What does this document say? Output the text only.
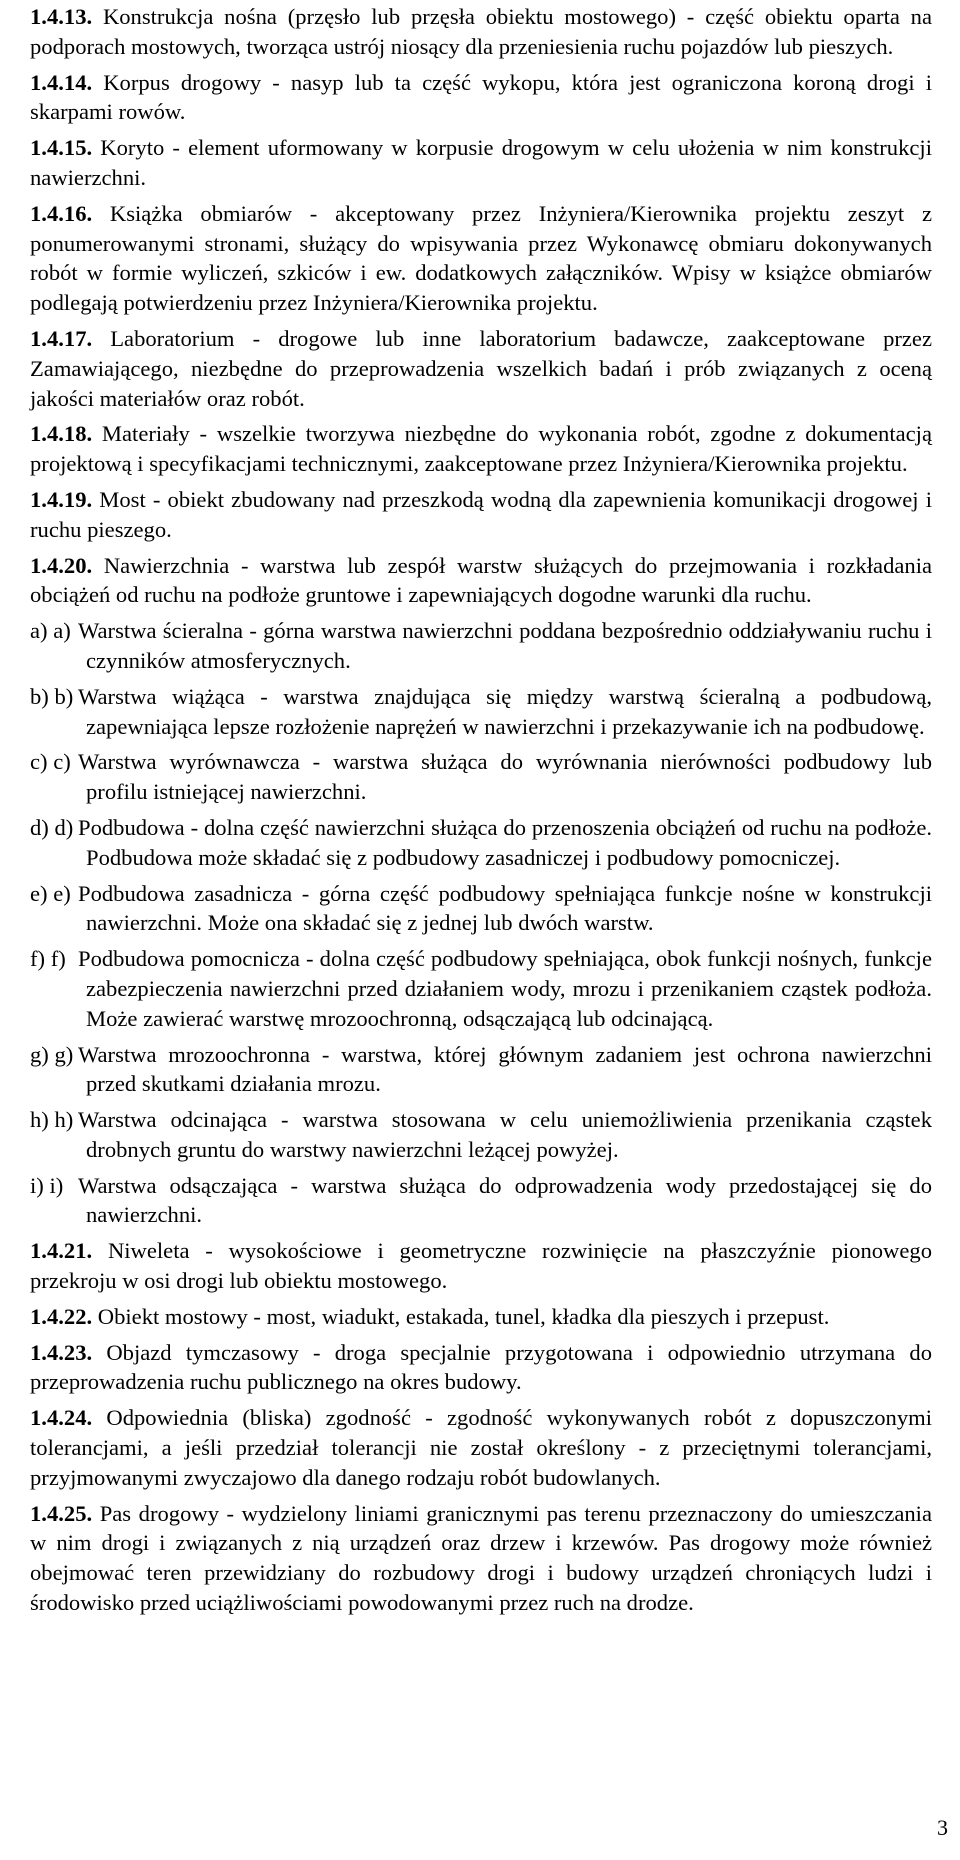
1.4.13. Konstrukcja nośna (przęsło lub przęsła obiektu mostowego) - część obiektu oparta na podporach mostowych, tworząca ustrój niosący dla przeniesienia ruchu pojazdów lub pieszych.

1.4.14. Korpus drogowy - nasyp lub ta część wykopu, która jest ograniczona koroną drogi i skarpami rowów.

1.4.15. Koryto - element uformowany w korpusie drogowym w celu ułożenia w nim konstrukcji nawierzchni.

1.4.16. Książka obmiarów - akceptowany przez Inżyniera/Kierownika projektu zeszyt z ponumerowanymi stronami, służący do wpisywania przez Wykonawcę obmiaru dokonywanych robót w formie wyliczeń, szkiców i ew. dodatkowych załączników. Wpisy w książce obmiarów podlegają potwierdzeniu przez Inżyniera/Kierownika projektu.

1.4.17. Laboratorium - drogowe lub inne laboratorium badawcze, zaakceptowane przez Zamawiającego, niezbędne do przeprowadzenia wszelkich badań i prób związanych z oceną jakości materiałów oraz robót.

1.4.18. Materiały - wszelkie tworzywa niezbędne do wykonania robót, zgodne z dokumentacją projektową i specyfikacjami technicznymi, zaakceptowane przez Inżyniera/Kierownika projektu.

1.4.19. Most - obiekt zbudowany nad przeszkodą wodną dla zapewnienia komunikacji drogowej i ruchu pieszego.

1.4.20. Nawierzchnia - warstwa lub zespół warstw służących do przejmowania i rozkładania obciążeń od ruchu na podłoże gruntowe i zapewniających dogodne warunki dla ruchu.

a) a) Warstwa ścieralna - górna warstwa nawierzchni poddana bezpośrednio oddziaływaniu ruchu i czynników atmosferycznych.

b) b) Warstwa wiążąca - warstwa znajdująca się między warstwą ścieralną a podbudową, zapewniająca lepsze rozłożenie naprężeń w nawierzchni i przekazywanie ich na podbudowę.

c) c) Warstwa wyrównawcza - warstwa służąca do wyrównania nierówności podbudowy lub profilu istniejącej nawierzchni.

d) d) Podbudowa - dolna część nawierzchni służąca do przenoszenia obciążeń od ruchu na podłoże. Podbudowa może składać się z podbudowy zasadniczej i podbudowy pomocniczej.

e) e) Podbudowa zasadnicza - górna część podbudowy spełniająca funkcje nośne w konstrukcji nawierzchni. Może ona składać się z jednej lub dwóch warstw.

f) f) Podbudowa pomocnicza - dolna część podbudowy spełniająca, obok funkcji nośnych, funkcje zabezpieczenia nawierzchni przed działaniem wody, mrozu i przenikaniem cząstek podłoża. Może zawierać warstwę mrozoochronną, odsączającą lub odcinającą.

g) g) Warstwa mrozoochronna - warstwa, której głównym zadaniem jest ochrona nawierzchni przed skutkami działania mrozu.

h) h) Warstwa odcinająca - warstwa stosowana w celu uniemożliwienia przenikania cząstek drobnych gruntu do warstwy nawierzchni leżącej powyżej.

i) i) Warstwa odsączająca - warstwa służąca do odprowadzenia wody przedostającej się do nawierzchni.

1.4.21. Niweleta - wysokościowe i geometryczne rozwinięcie na płaszczyźnie pionowego przekroju w osi drogi lub obiektu mostowego.

1.4.22. Obiekt mostowy - most, wiadukt, estakada, tunel, kładka dla pieszych i przepust.

1.4.23. Objazd tymczasowy - droga specjalnie przygotowana i odpowiednio utrzymana do przeprowadzenia ruchu publicznego na okres budowy.

1.4.24. Odpowiednia (bliska) zgodność - zgodność wykonywanych robót z dopuszczonymi tolerancjami, a jeśli przedział tolerancji nie został określony - z przeciętnymi tolerancjami, przyjmowanymi zwyczajowo dla danego rodzaju robót budowlanych.

1.4.25. Pas drogowy - wydzielony liniami granicznymi pas terenu przeznaczony do umieszczania w nim drogi i związanych z nią urządzeń oraz drzew i krzewów. Pas drogowy może również obejmować teren przewidziany do rozbudowy drogi i budowy urządzeń chroniących ludzi i środowisko przed uciążliwościami powodowanymi przez ruch na drodze.

3
